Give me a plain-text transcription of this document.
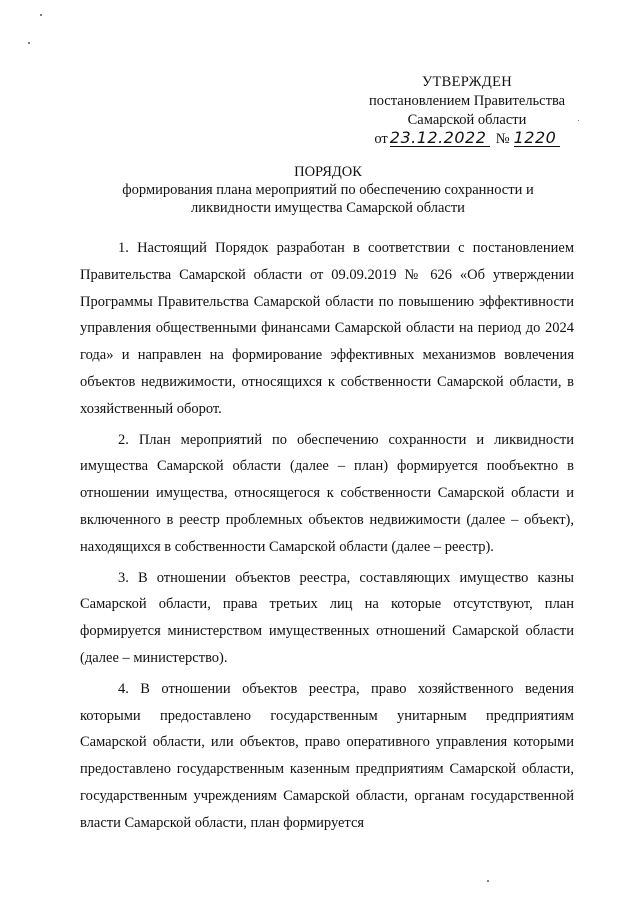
УТВЕРЖДЕН
постановлением Правительства
Самарской области
от 23.12.2022 № 1220
ПОРЯДОК
формирования плана мероприятий по обеспечению сохранности и
ликвидности имущества Самарской области

1. Настоящий Порядок разработан в соответствии с постановлением Правительства Самарской области от 09.09.2019 № 626 «Об утверждении Программы Правительства Самарской области по повышению эффективности управления общественными финансами Самарской области на период до 2024 года» и направлен на формирование эффективных механизмов вовлечения объектов недвижимости, относящихся к собственности Самарской области, в хозяйственный оборот.

2. План мероприятий по обеспечению сохранности и ликвидности имущества Самарской области (далее – план) формируется пообъектно в отношении имущества, относящегося к собственности Самарской области и включенного в реестр проблемных объектов недвижимости (далее – объект), находящихся в собственности Самарской области (далее – реестр).

3. В отношении объектов реестра, составляющих имущество казны Самарской области, права третьих лиц на которые отсутствуют, план формируется министерством имущественных отношений Самарской области (далее – министерство).

4. В отношении объектов реестра, право хозяйственного ведения которыми предоставлено государственным унитарным предприятиям Самарской области, или объектов, право оперативного управления которыми предоставлено государственным казенным предприятиям Самарской области, государственным учреждениям Самарской области, органам государственной власти Самарской области, план формируется
